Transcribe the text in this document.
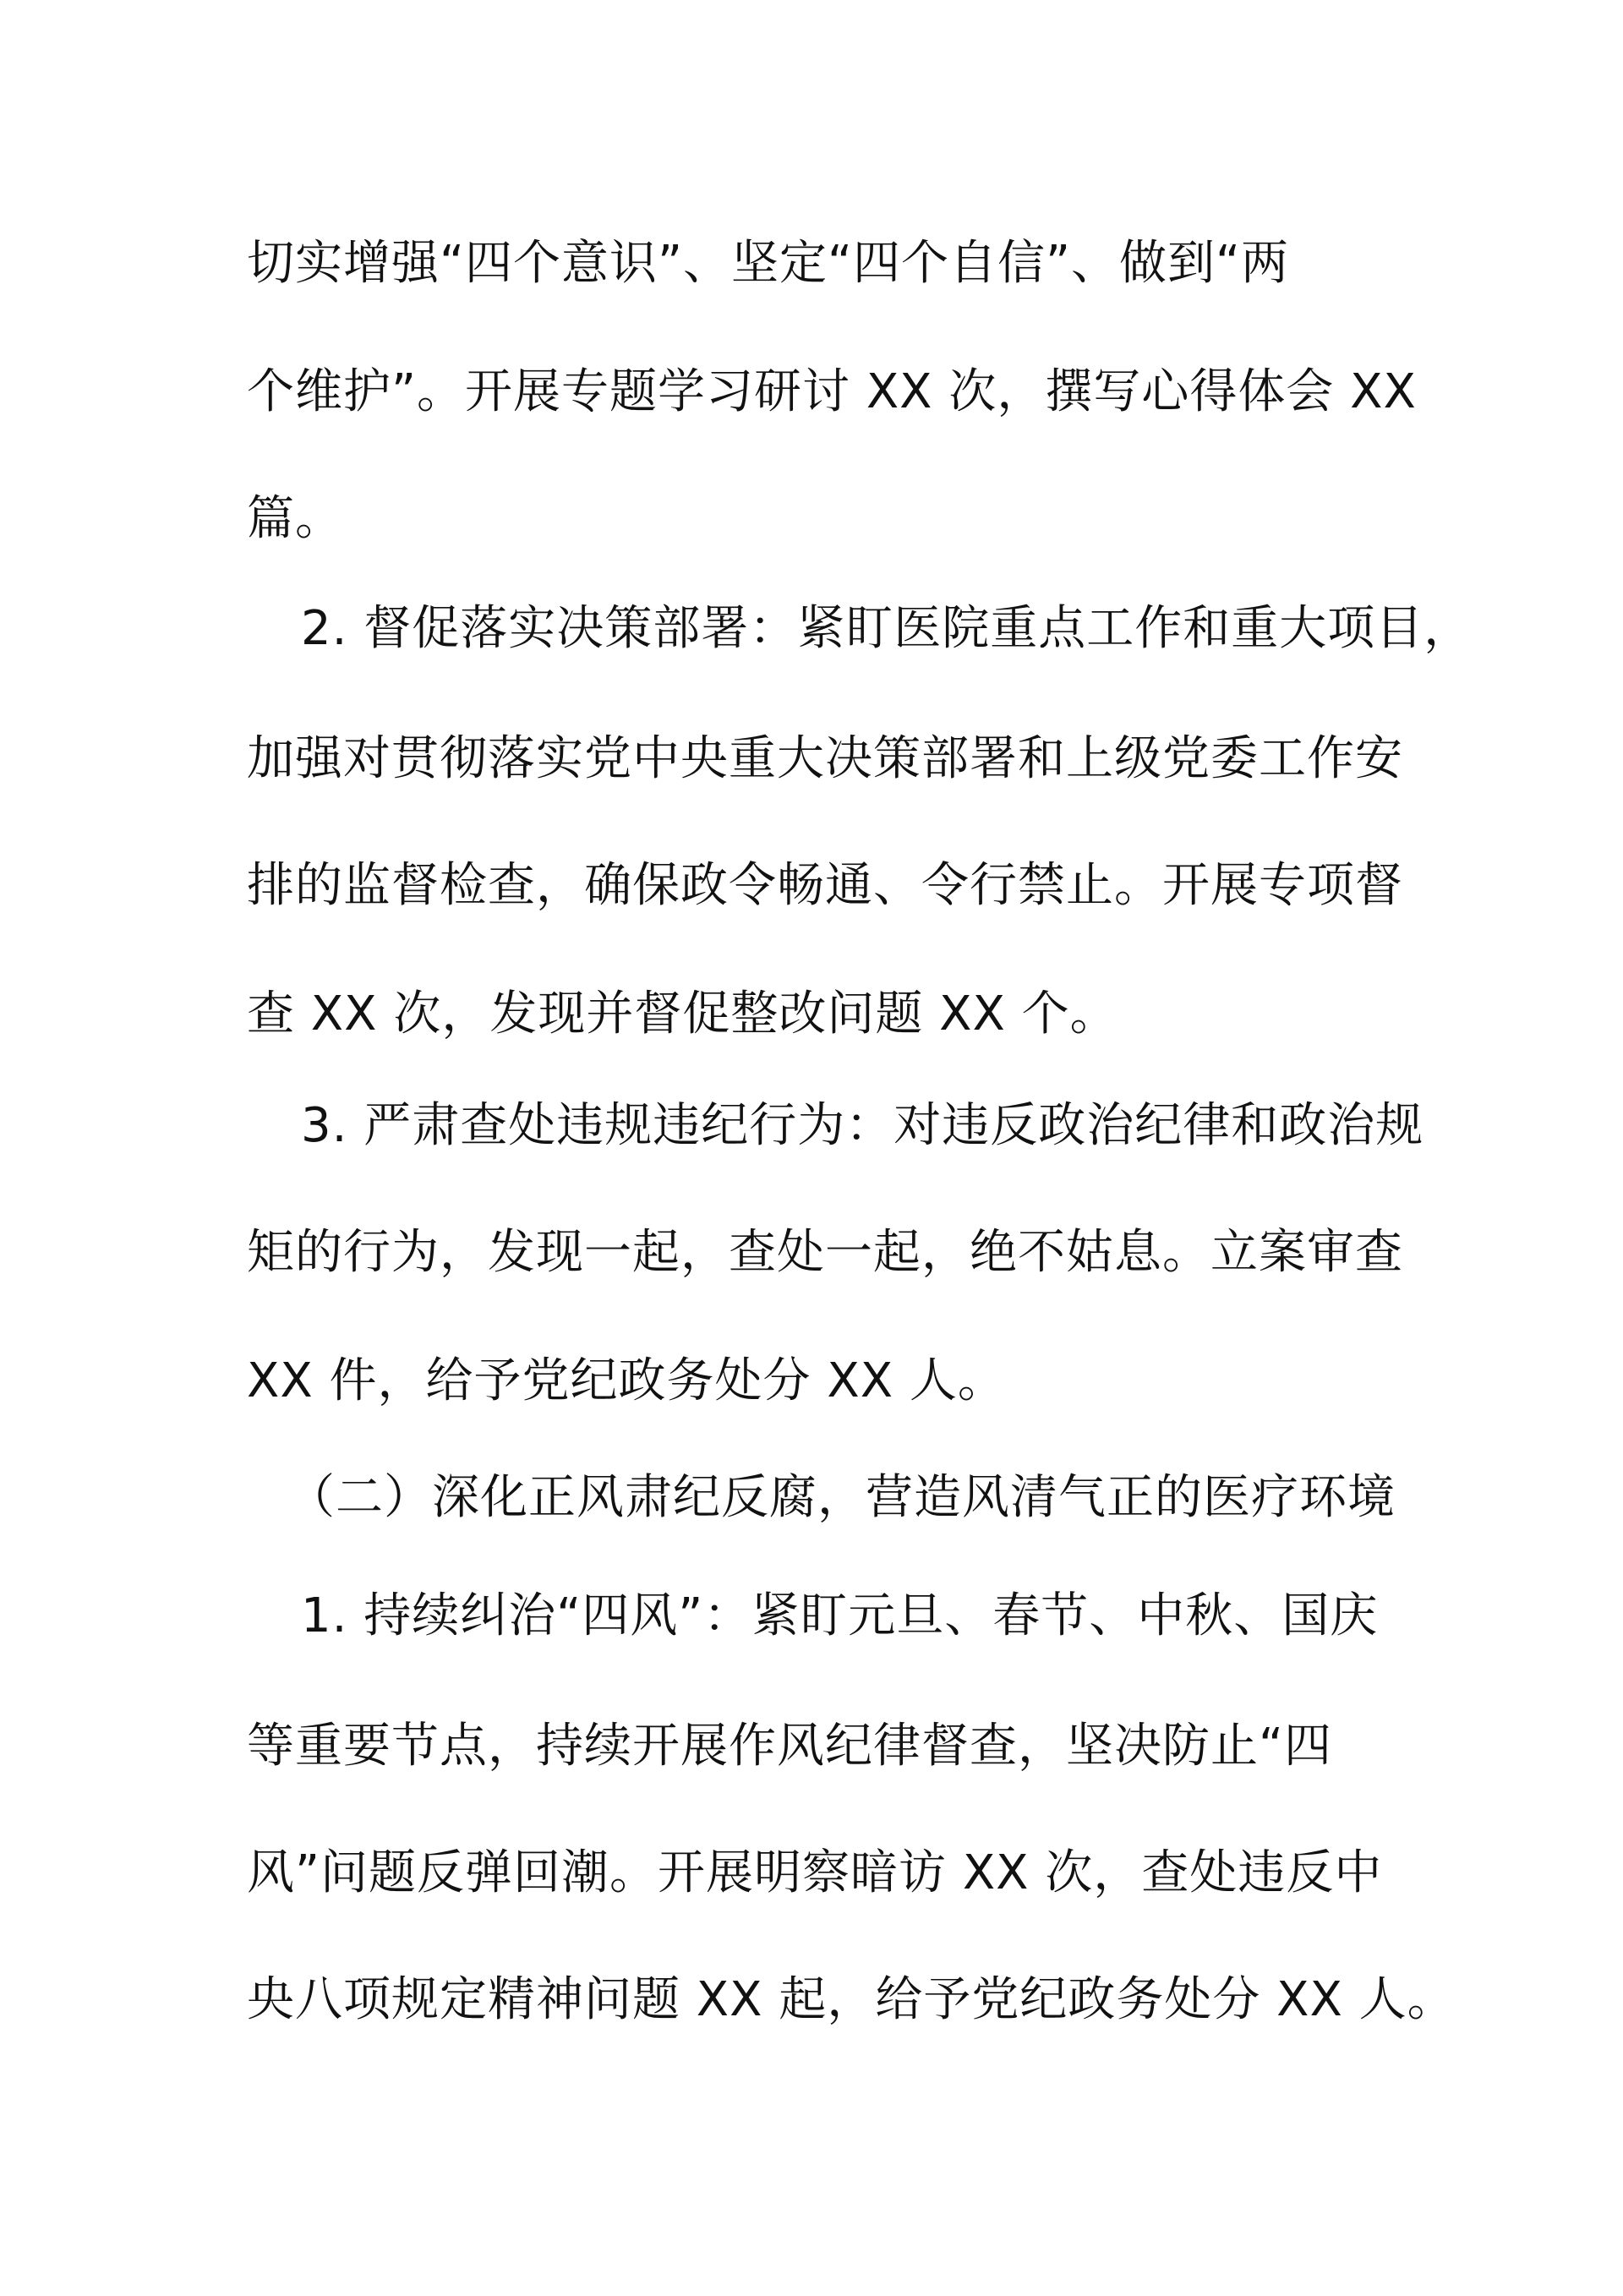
切实增强“四个意识”、坚定“四个自信”、做到“两

个维护”。开展专题学习研讨 XX 次，撰写心得体会 XX

篇。

2. 督促落实决策部署：紧盯医院重点工作和重大项目，

加强对贯彻落实党中央重大决策部署和上级党委工作安

排的监督检查，确保政令畅通、令行禁止。开展专项督

查 XX 次，发现并督促整改问题 XX 个。

3. 严肃查处违规违纪行为：对违反政治纪律和政治规

矩的行为，发现一起，查处一起，绝不姑息。立案审查

XX 件，给予党纪政务处分 XX 人。

（二）深化正风肃纪反腐，营造风清气正的医疗环境

1. 持续纠治“四风”：紧盯元旦、春节、中秋、国庆

等重要节点，持续开展作风纪律督查，坚决防止“四

风”问题反弹回潮。开展明察暗访 XX 次，查处违反中

央八项规定精神问题 XX 起，给予党纪政务处分 XX 人。
